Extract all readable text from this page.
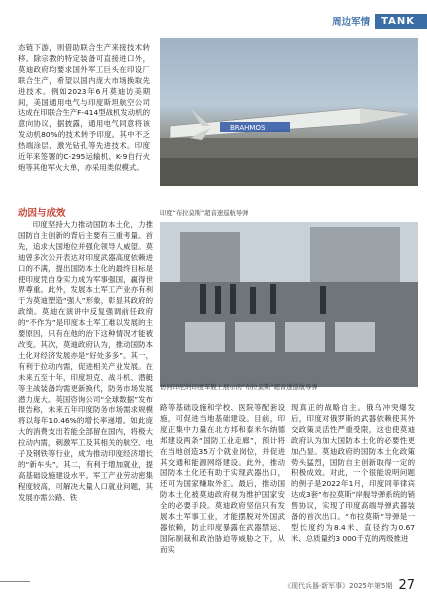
周边军情	TANK

态链下游，则借助联合生产来接技术转移。除宗教的特定装备可直接进口外，莫迪政府均要求国外军工巨头在印设厂联合生产，希望以国内庞大市场换取先进技术。例如2023年6月莫迪访美期间，美国通用电气与印度斯坦航空公司达成在印联合生产F-414型战机发动机的意向协议，据披露，通用电气同意将该发动机80%的技术转予印度。其中不乏热端涂层、激光钻孔等先进技术。印度近年来签署的C-295运输机、K-9自行火炮等其他军火大单，亦采用类似模式。

动因与成效

印度坚持大力推动国防本土化，力推国防自主创新的背后主要有三重考量。首先，追求大国地位并强化领导人威望。莫迪曾多次公开表达对印度武器高度依赖进口的不满，提出国防本土化的最终目标是使印度凭自身实力成为军事强国，赢得世界尊重。此外，发展本土军工产业亦有利于为莫迪塑造“强人”形象，彰显其政府的政绩。莫迪在演讲中反复强调前任政府的“不作为”是印度本土军工难以发展的主要原因，只有在他的治下这种情况才能被改变。其次，莫迪政府认为，推动国防本土化对经济发展亦是“好处多多”。其一，有利于拉动内需，促进相关产业发展。在未来五至十年，印度坦克、战斗机、潜艇等主战装备均需更新换代，防务市场发展潜力庞大。英国咨询公司“全球数据”发布报告称，未来五年印度防务市场需求规模将以每年10.46%的增长率递增。如此庞大的消费支出若能全部留在国内，将极大拉动内需，刺激军工及其相关的航空、电子及钢铁等行业，成为推动印度经济增长的“新车头”。其二，有利于增加就业，提高基础设施建设水平。军工产业劳动密集程度较高，可解决大量人口就业问题，其发展亦需公路、铁

路等基础设施和学校、医院等配套设施，可促进当地基础建设。目前，印度正集中力量在北方邦和泰米尔纳德邦建设两条“国防工业走廊”，预计将在当地创造35万个就业岗位，并促进其交通和能源网络建设。此外，推动国防本土化还有助于实现武器出口，还可为国家赚取外汇。最后，推动国防本土化被莫迪政府视为维护国家安全的必要手段。莫迪政府坚信只有发展本土军事工业，才能摆脱对外国武器依赖，防止印度暴露在武器禁运、国际制裁和政治胁迫等威胁之下，从而实

现真正的战略自主。俄乌冲突爆发后，印度对俄罗斯的武器依赖使其外交政策灵活性严重受限，这也使莫迪政府认为加大国防本土化的必要性更加凸显。莫迪政府的国防本土化政策势头猛烈，国防自主创新取得一定的积极成效。对此，一个很能说明问题的例子是2022年1月，印度同菲律宾达成3套“布拉莫斯”岸舰导弹系统的销售协议，实现了印度高端导弹武器装备的首次出口。“布拉莫斯”导弹是一型长度约为8.4米、直径约为0.67米、总质量约3 000千克的两级推进

BRAHMOS
印度“布拉莫斯”超音速巡航导弹
访问印尼的印度军舰上展示的“布拉莫斯”超音速巡航导弹
《现代兵器·新军事》2025年第5期 27
